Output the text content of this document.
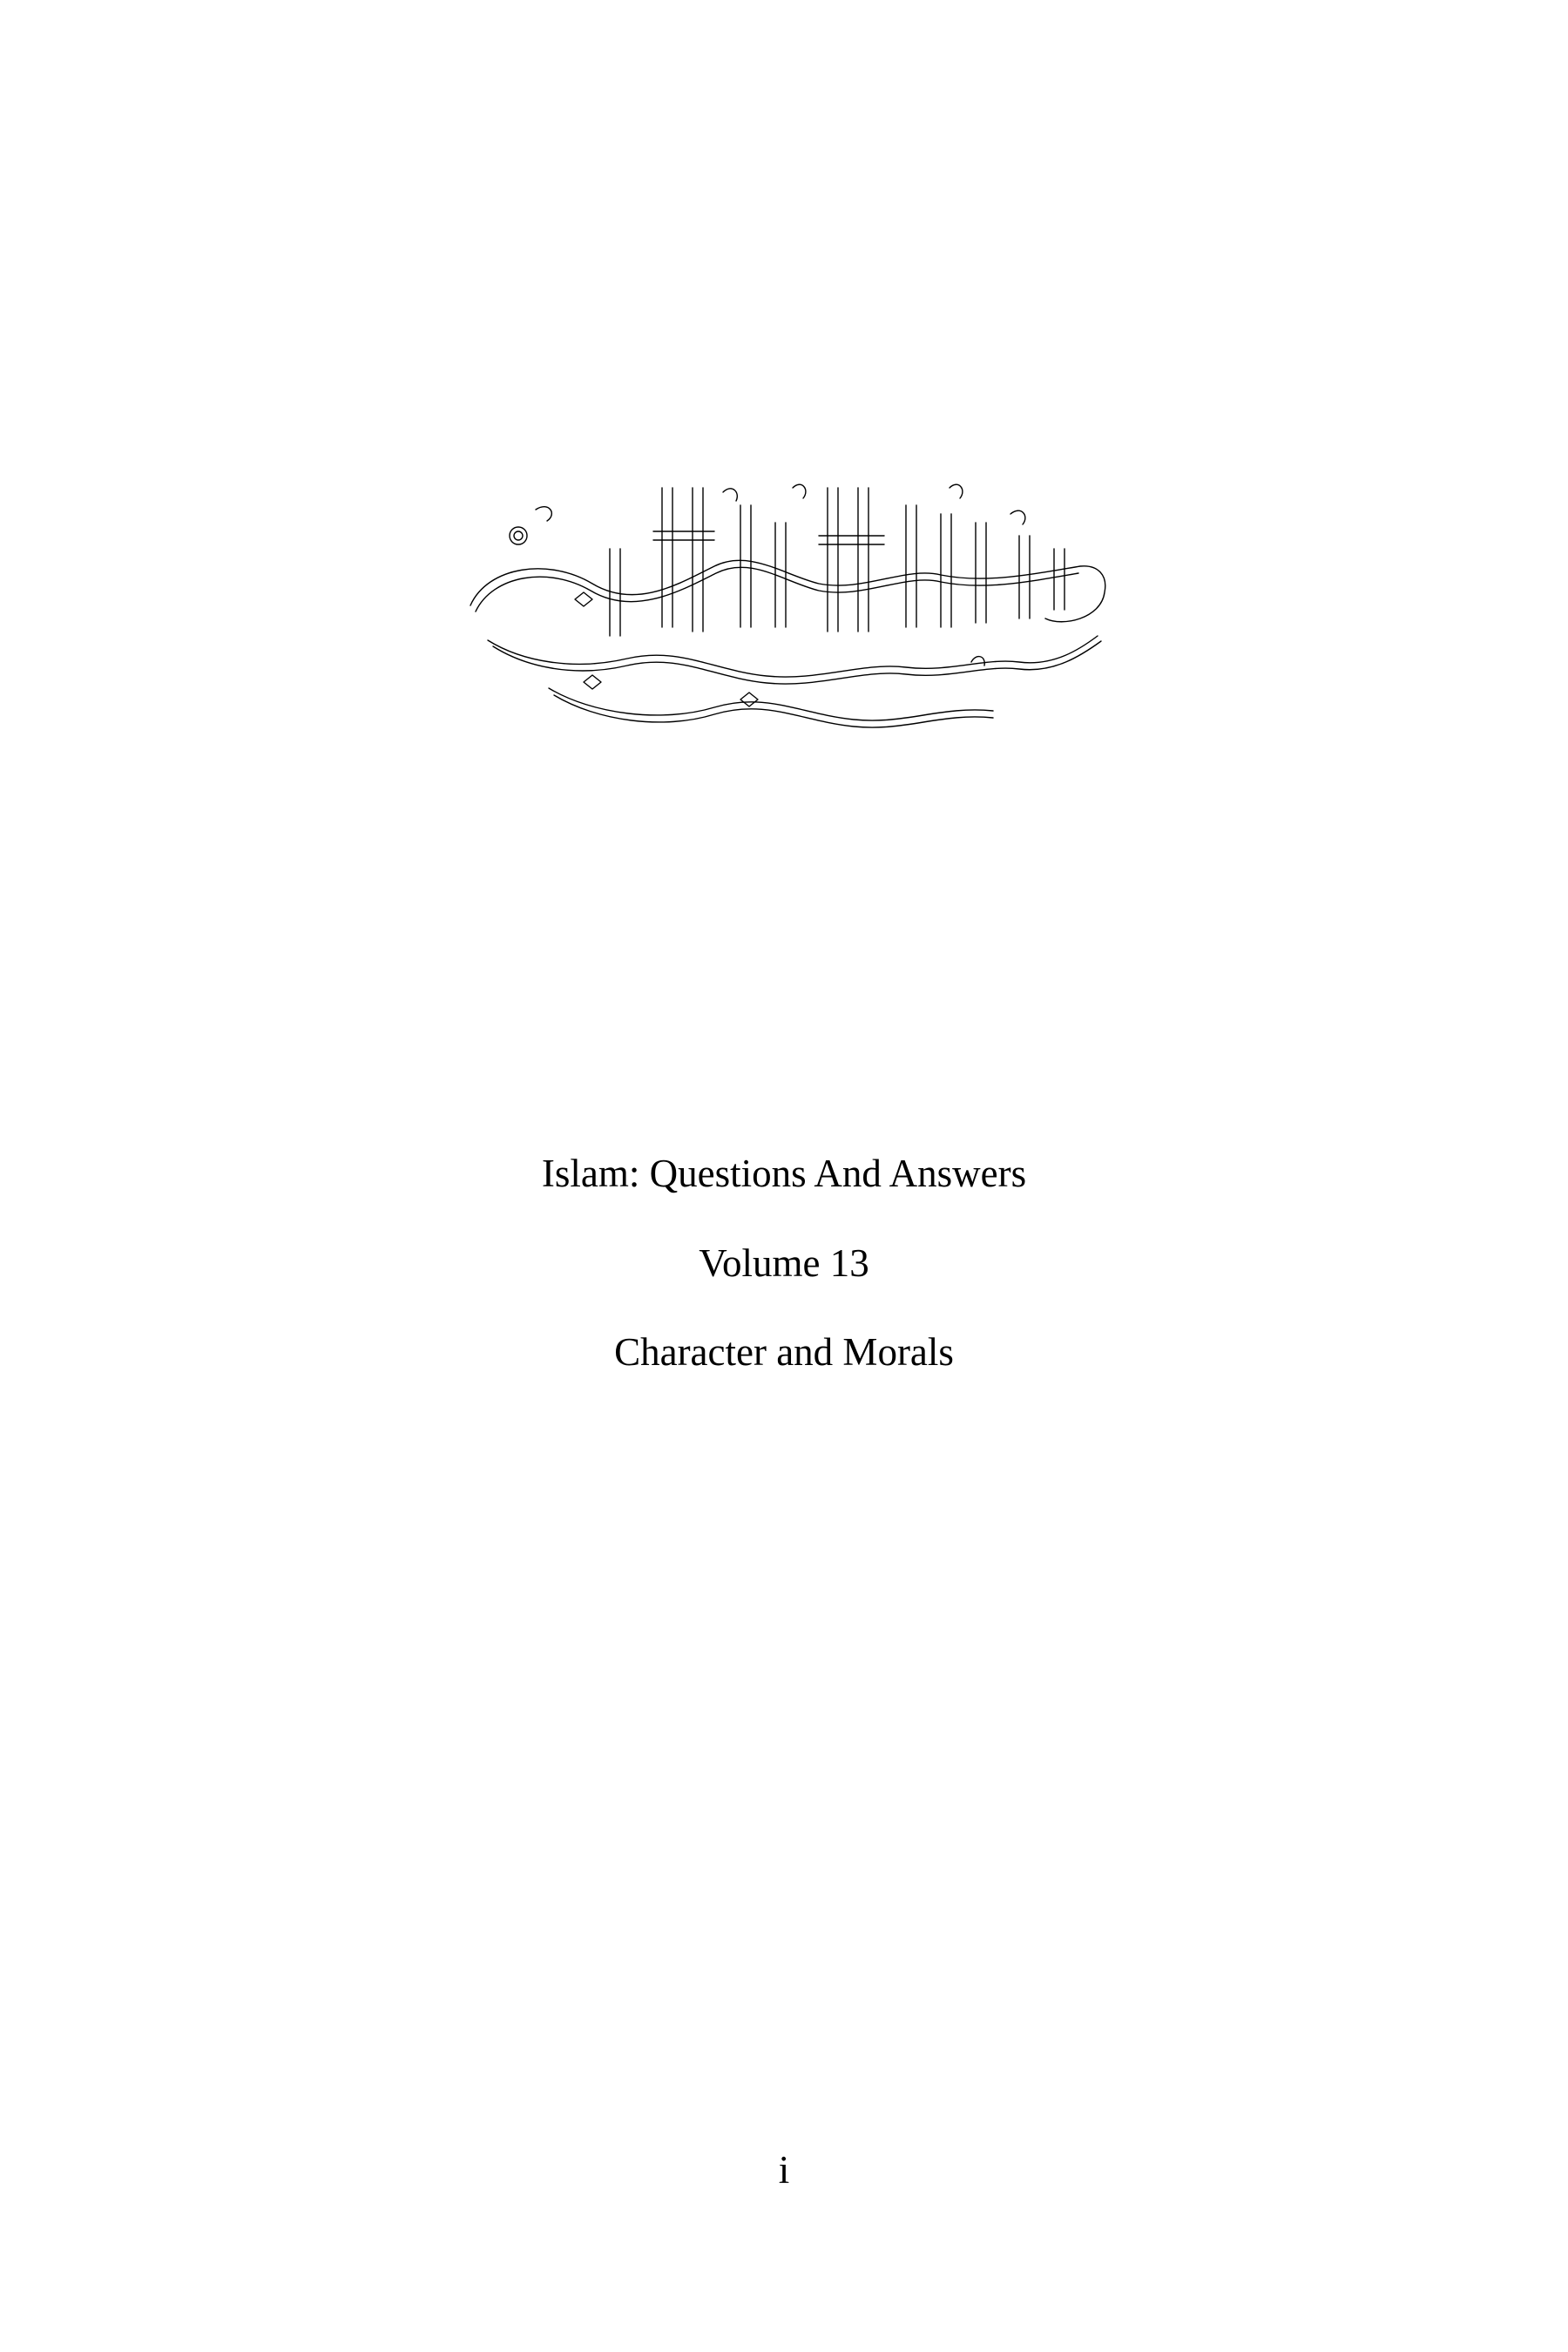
Islam: Questions And Answers
Volume 13
Character and Morals
i
